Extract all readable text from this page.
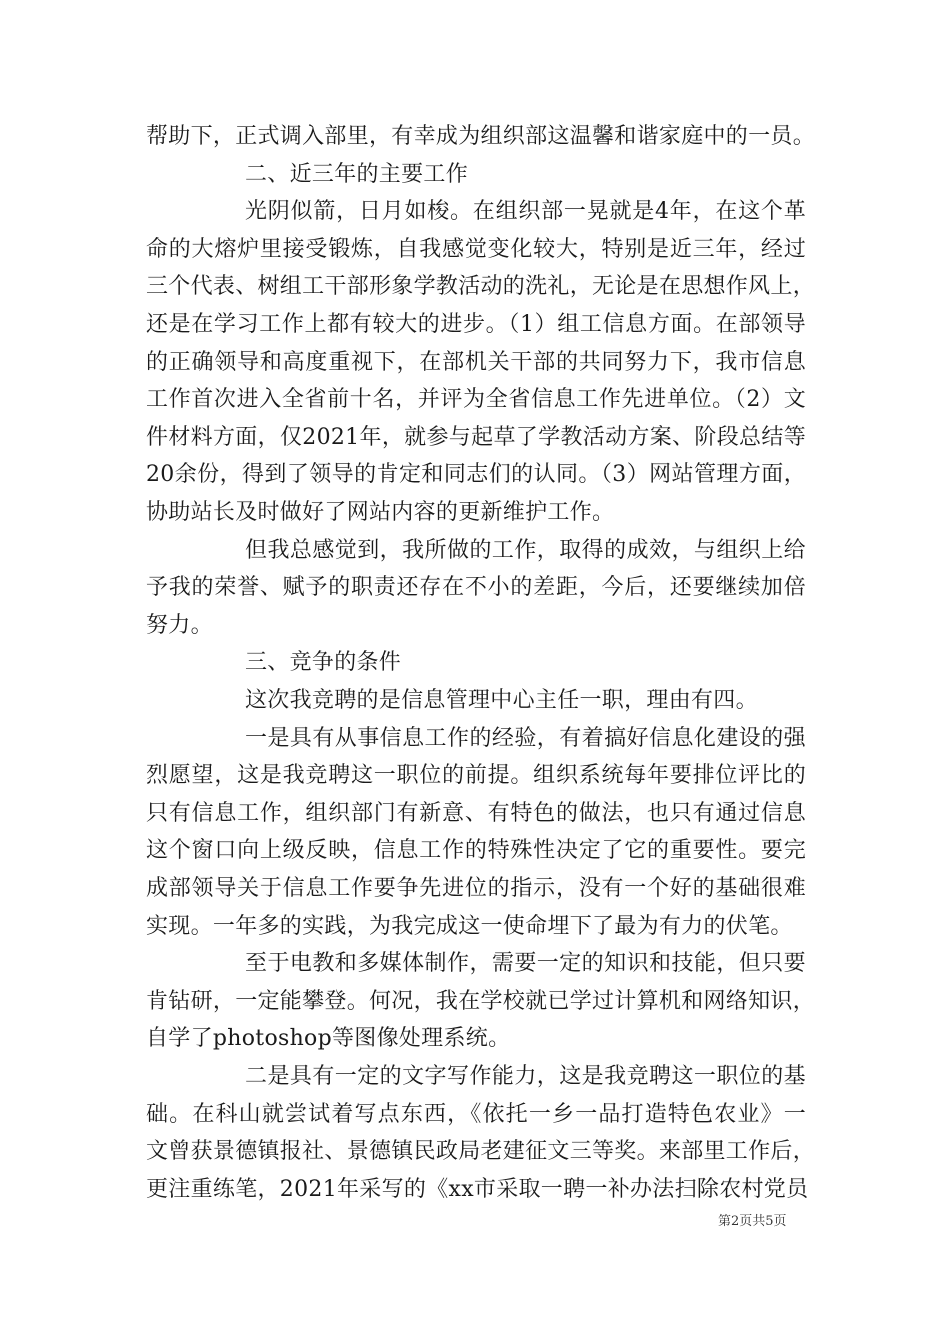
帮助下，正式调入部里，有幸成为组织部这温馨和谐家庭中的一员。
二、近三年的主要工作
光阴似箭，日月如梭。在组织部一晃就是4年，在这个革
命的大熔炉里接受锻炼，自我感觉变化较大，特别是近三年，经过
三个代表、树组工干部形象学教活动的洗礼，无论是在思想作风上，
还是在学习工作上都有较大的进步。（1）组工信息方面。在部领导
的正确领导和高度重视下，在部机关干部的共同努力下，我市信息
工作首次进入全省前十名，并评为全省信息工作先进单位。（2）文
件材料方面，仅2021年，就参与起草了学教活动方案、阶段总结等
20余份，得到了领导的肯定和同志们的认同。（3）网站管理方面，
协助站长及时做好了网站内容的更新维护工作。
但我总感觉到，我所做的工作，取得的成效，与组织上给
予我的荣誉、赋予的职责还存在不小的差距，今后，还要继续加倍
努力。
三、竞争的条件
这次我竞聘的是信息管理中心主任一职，理由有四。
一是具有从事信息工作的经验，有着搞好信息化建设的强
烈愿望，这是我竞聘这一职位的前提。组织系统每年要排位评比的
只有信息工作，组织部门有新意、有特色的做法，也只有通过信息
这个窗口向上级反映，信息工作的特殊性决定了它的重要性。要完
成部领导关于信息工作要争先进位的指示，没有一个好的基础很难
实现。一年多的实践，为我完成这一使命埋下了最为有力的伏笔。
至于电教和多媒体制作，需要一定的知识和技能，但只要
肯钻研，一定能攀登。何况，我在学校就已学过计算机和网络知识，
自学了photoshop等图像处理系统。
二是具有一定的文字写作能力，这是我竞聘这一职位的基
础。在科山就尝试着写点东西，《依托一乡一品打造特色农业》一
文曾获景德镇报社、景德镇民政局老建征文三等奖。来部里工作后，
更注重练笔，2021年采写的《xx市采取一聘一补办法扫除农村党员
第2页共5页
